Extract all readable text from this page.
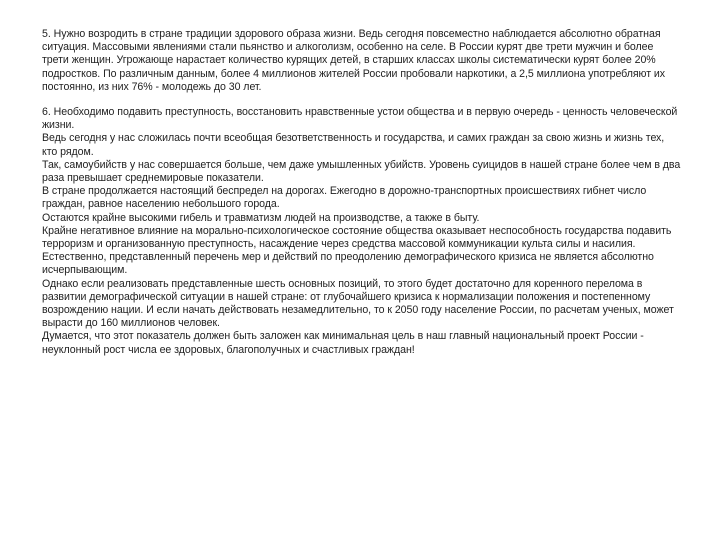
5. Нужно возродить в стране традиции здорового образа жизни. Ведь сегодня повсеместно наблюдается абсолютно обратная ситуация. Массовыми явлениями стали пьянство и алкоголизм, особенно на селе. В России курят две трети мужчин и более трети женщин. Угрожающе нарастает количество курящих детей, в старших классах школы систематически курят более 20% подростков. По различным данным, более 4 миллионов жителей России пробовали наркотики, а 2,5 миллиона употребляют их постоянно, из них 76% - молодежь до 30 лет.

6. Необходимо подавить преступность, восстановить нравственные устои общества и в первую очередь - ценность человеческой жизни.

Ведь сегодня у нас сложилась почти всеобщая безответственность и государства, и самих граждан за свою жизнь и жизнь тех, кто рядом.

Так, самоубийств у нас совершается больше, чем даже умышленных убийств. Уровень суицидов в нашей стране более чем в два раза превышает среднемировые показатели.

В стране продолжается настоящий беспредел на дорогах. Ежегодно в дорожно-транспортных происшествиях гибнет число граждан, равное населению небольшого города.

Остаются крайне высокими гибель и травматизм людей на производстве, а также в быту.

Крайне негативное влияние на морально-психологическое состояние общества оказывает неспособность государства подавить терроризм и организованную преступность, насаждение через средства массовой коммуникации культа силы и насилия.

Естественно, представленный перечень мер и действий по преодолению демографического кризиса не является абсолютно исчерпывающим.

Однако если реализовать представленные шесть основных позиций, то этого будет достаточно для коренного перелома в развитии демографической ситуации в нашей стране: от глубочайшего кризиса к нормализации положения и постепенному возрождению нации. И если начать действовать незамедлительно, то к 2050 году население России, по расчетам ученых, может вырасти до 160 миллионов человек.

Думается, что этот показатель должен быть заложен как минимальная цель в наш главный национальный проект России - неуклонный рост числа ее здоровых, благополучных и счастливых граждан!
